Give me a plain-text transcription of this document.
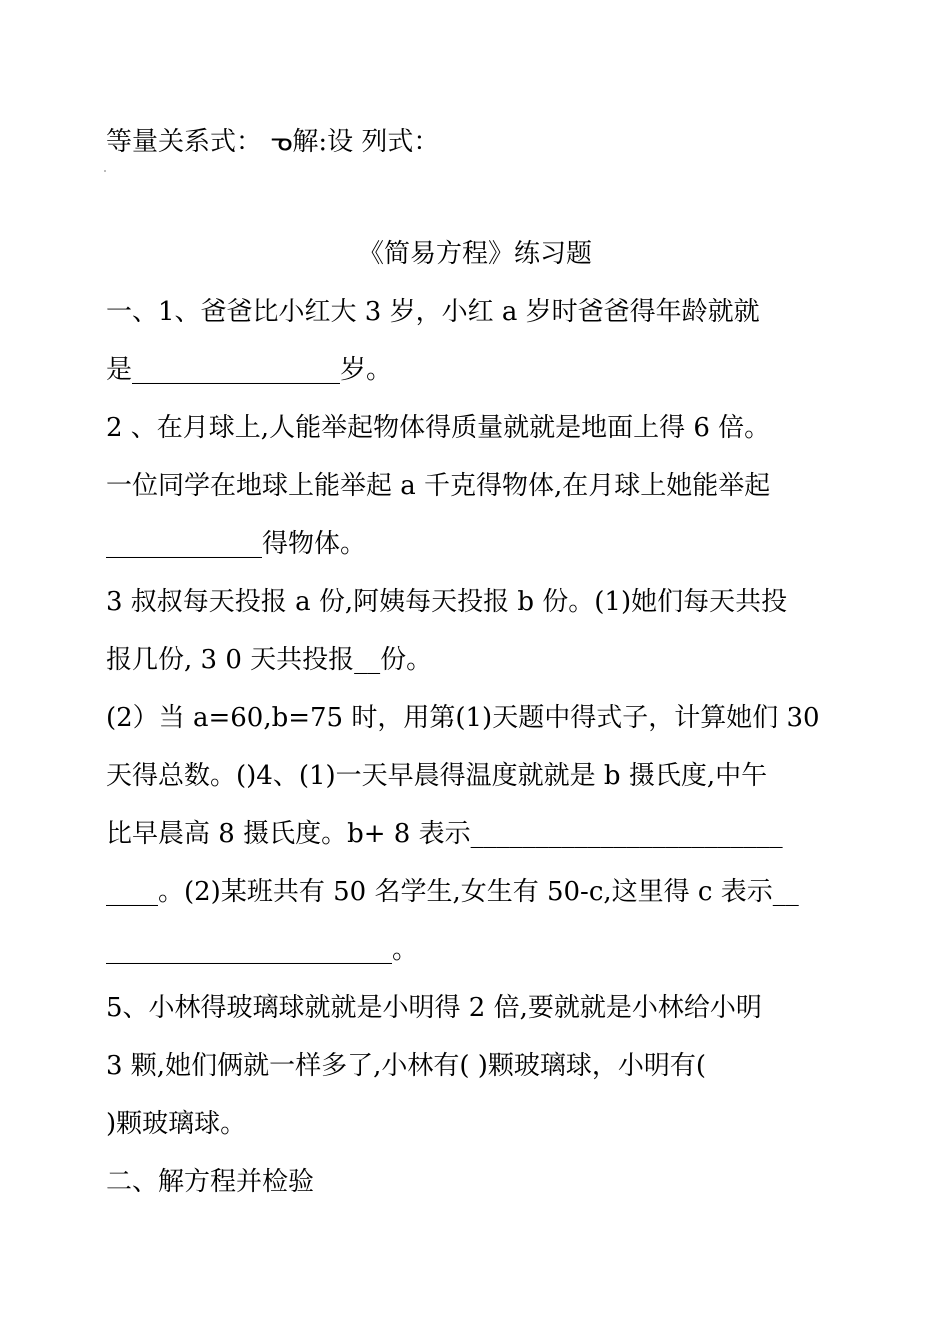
等量关系式： ᓀ解:设 列式：
《简易方程》练习题
一、1、爸爸比小红大 3 岁，小红 a 岁时爸爸得年龄就就
是________________岁。
2 、在月球上,人能举起物体得质量就就是地面上得 6 倍。
一位同学在地球上能举起 a 千克得物体,在月球上她能举起
____________得物体。
3 叔叔每天投报 a 份,阿姨每天投报 b 份。(1)她们每天共投
报几份, 3 0 天共投报__份。
(2）当 a=60,b=75 时，用第(1)天题中得式子，计算她们 30
天得总数。()4、(1)一天早晨得温度就就是 b 摄氏度,中午
比早晨高 8 摄氏度。b+ 8 表示________________________
____。(2)某班共有 50 名学生,女生有 50-c,这里得 c 表示__
______________________。
5、小林得玻璃球就就是小明得 2 倍,要就就是小林给小明
3 颗,她们俩就一样多了,小林有( )颗玻璃球，小明有(
)颗玻璃球。
二、解方程并检验
